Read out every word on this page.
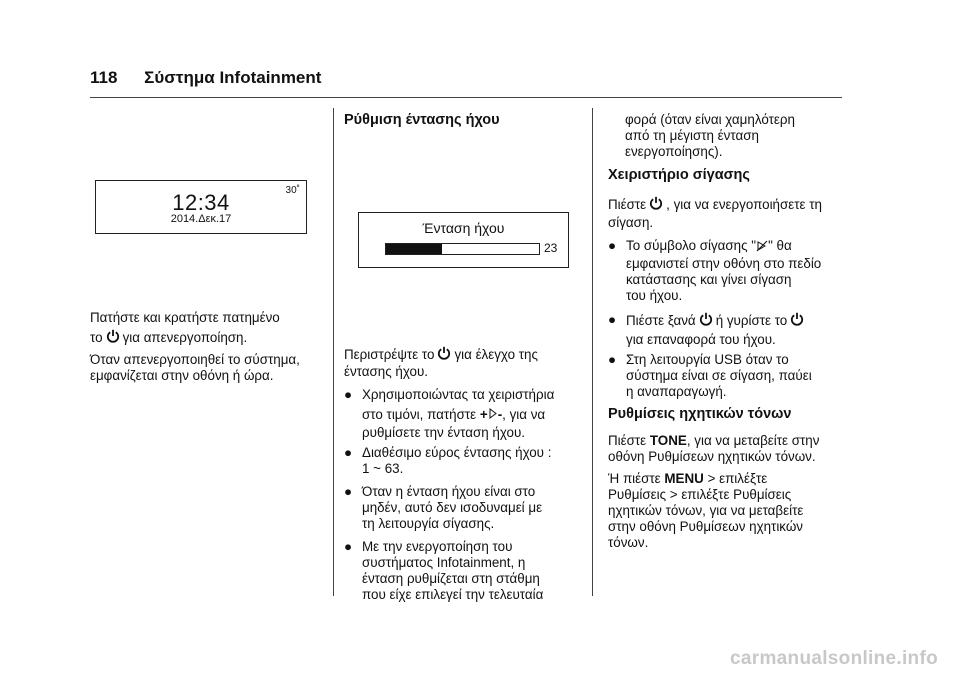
118 Σύστημα Infotainment
12:34
2014.Δεκ.17
30˚

Πατήστε και κρατήστε πατημένο

το για απενεργοποίηση.

Όταν απενεργοποιηθεί το σύστημα,

εμφανίζεται στην οθόνη ή ώρα.

Ρύθμιση έντασης ήχου
Ένταση ήχου
23

Περιστρέψτε το για έλεγχο της

έντασης ήχου.

● Χρησιμοποιώντας τα χειριστήρια
στο τιμόνι, πατήστε + -, για να
ρυθμίσετε την ένταση ήχου.
● Διαθέσιμο εύρος έντασης ήχου :
1 ~ 63.
● Όταν η ένταση ήχου είναι στο
μηδέν, αυτό δεν ισοδυναμεί με
τη λειτουργία σίγασης.
● Με την ενεργοποίηση του
συστήματος Infotainment, η
ένταση ρυθμίζεται στη στάθμη
που είχε επιλεγεί την τελευταία

φορά (όταν είναι χαμηλότερη

από τη μέγιστη ένταση

ενεργοποίησης).

Χειριστήριο σίγασης

Πιέστε , για να ενεργοποιήσετε τη

σίγαση.

● Το σύμβολο σίγασης " " θα
εμφανιστεί στην οθόνη στο πεδίο
κατάστασης και γίνει σίγαση
του ήχου.
● Πιέστε ξανά ή γυρίστε το
για επαναφορά του ήχου.
● Στη λειτουργία USB όταν το
σύστημα είναι σε σίγαση, παύει
η αναπαραγωγή.
Ρυθμίσεις ηχητικών τόνων

Πιέστε TONE, για να μεταβείτε στην

οθόνη Ρυθμίσεων ηχητικών τόνων.

Ή πιέστε MENU > επιλέξτε

Ρυθμίσεις > επιλέξτε Ρυθμίσεις

ηχητικών τόνων, για να μεταβείτε

στην οθόνη Ρυθμίσεων ηχητικών

τόνων.

carmanualsonline.info
